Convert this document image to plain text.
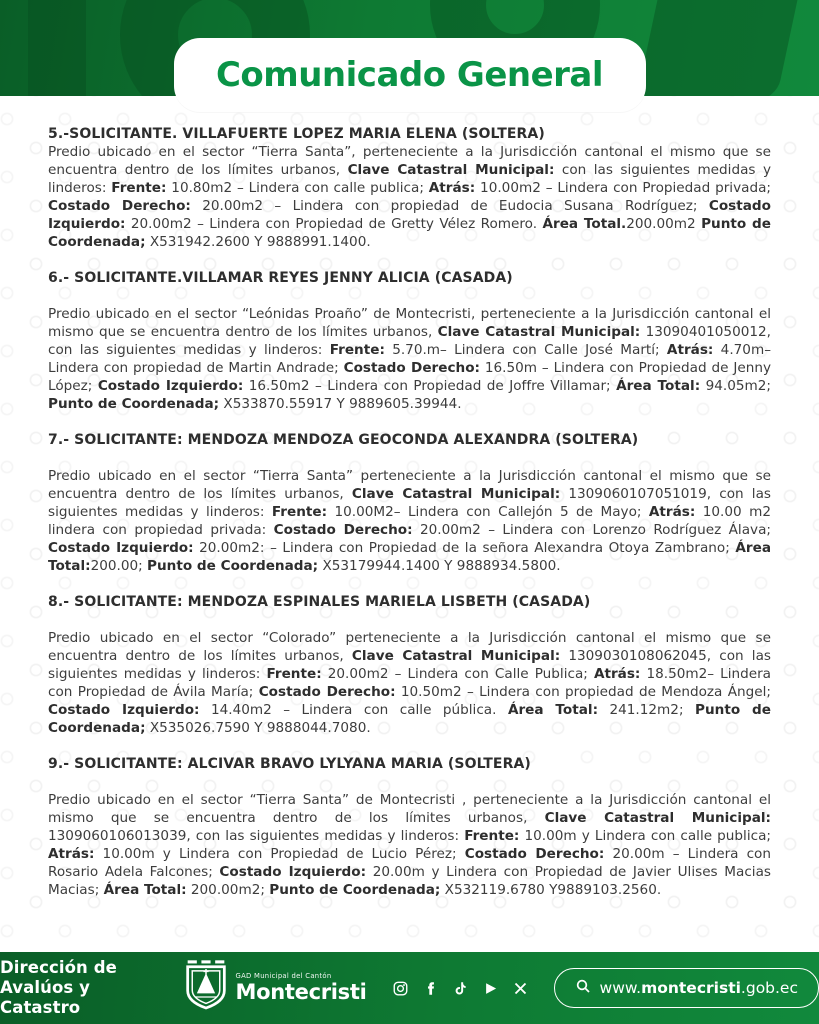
Comunicado General
5.-SOLICITANTE. VILLAFUERTE LOPEZ MARIA ELENA (SOLTERA)

Predio ubicado en el sector “Tierra Santa”, perteneciente a la Jurisdicción cantonal el mismo que se encuentra dentro de los límites urbanos, Clave Catastral Municipal: con las siguientes medidas y linderos: Frente: 10.80m2 – Lindera con calle publica; Atrás: 10.00m2 – Lindera con Propiedad privada; Costado Derecho: 20.00m2 – Lindera con propiedad de Eudocia Susana Rodríguez; Costado Izquierdo: 20.00m2 – Lindera con Propiedad de Gretty Vélez Romero. Área Total.200.00m2 Punto de Coordenada; X531942.2600 Y 9888991.1400.

6.- SOLICITANTE.VILLAMAR REYES JENNY ALICIA (CASADA)

Predio ubicado en el sector “Leónidas Proaño” de Montecristi, perteneciente a la Jurisdicción cantonal el mismo que se encuentra dentro de los límites urbanos, Clave Catastral Municipal: 13090401050012, con las siguientes medidas y linderos: Frente: 5.70.m– Lindera con Calle José Martí; Atrás: 4.70m– Lindera con propiedad de Martin Andrade; Costado Derecho: 16.50m – Lindera con Propiedad de Jenny López; Costado Izquierdo: 16.50m2 – Lindera con Propiedad de Joffre Villamar; Área Total: 94.05m2; Punto de Coordenada; X533870.55917 Y 9889605.39944.

7.- SOLICITANTE: MENDOZA MENDOZA GEOCONDA ALEXANDRA (SOLTERA)

Predio ubicado en el sector “Tierra Santa” perteneciente a la Jurisdicción cantonal el mismo que se encuentra dentro de los límites urbanos, Clave Catastral Municipal: 1309060107051019, con las siguientes medidas y linderos: Frente: 10.00M2– Lindera con Callejón 5 de Mayo; Atrás: 10.00 m2 lindera con propiedad privada: Costado Derecho: 20.00m2 – Lindera con Lorenzo Rodríguez Álava; Costado Izquierdo: 20.00m2: – Lindera con Propiedad de la señora Alexandra Otoya Zambrano; Área Total:200.00; Punto de Coordenada; X53179944.1400 Y 9888934.5800.

8.- SOLICITANTE: MENDOZA ESPINALES MARIELA LISBETH (CASADA)

Predio ubicado en el sector “Colorado” perteneciente a la Jurisdicción cantonal el mismo que se encuentra dentro de los límites urbanos, Clave Catastral Municipal: 1309030108062045, con las siguientes medidas y linderos: Frente: 20.00m2 – Lindera con Calle Publica; Atrás: 18.50m2– Lindera con Propiedad de Ávila María; Costado Derecho: 10.50m2 – Lindera con propiedad de Mendoza Ángel; Costado Izquierdo: 14.40m2 – Lindera con calle pública. Área Total: 241.12m2; Punto de Coordenada; X535026.7590 Y 9888044.7080.

9.- SOLICITANTE: ALCIVAR BRAVO LYLYANA MARIA (SOLTERA)

Predio ubicado en el sector “Tierra Santa” de Montecristi , perteneciente a la Jurisdicción cantonal el mismo que se encuentra dentro de los límites urbanos, Clave Catastral Municipal: 1309060106013039, con las siguientes medidas y linderos: Frente: 10.00m y Lindera con calle publica; Atrás: 10.00m y Lindera con Propiedad de Lucio Pérez; Costado Derecho: 20.00m – Lindera con Rosario Adela Falcones; Costado Izquierdo: 20.00m y Lindera con Propiedad de Javier Ulises Macias Macias; Área Total: 200.00m2; Punto de Coordenada; X532119.6780 Y9889103.2560.

Dirección de
Avalúos y Catastro
GAD Municipal del Cantón
Montecristi	www.montecristi.gob.ec
